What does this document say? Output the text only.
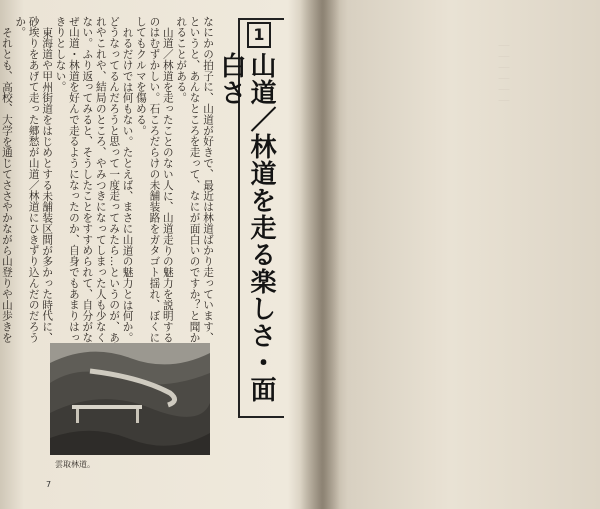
なにかの拍子に、山道が好きで、最近は林道ばかり走っています、というと、あんなところを走って、なにが面白いのですか？と聞かれることがある。

山道／林道を走ったことのない人に、山道走りの魅力を説明するのはむずかしい。石ころだらけの未舗装路をガタゴト揺れ、ぼくにしてもクルマを傷める。

れるだけでは何もない。たとえば、まさに山道の魅力とは何か。どうなってるんだろうと思って一度走ってみたら…というのが、あれやこれや、結局のところ、やみつきになってしまった人も少なくない。ふり返ってみると、そうしたことをすすめられて、自分がなぜ山道・林道を好んで走るようになったのか、自身でもあまりはっきりとしない。

東海道や甲州街道をはじめとする未舗装区間が多かった時代に、砂埃りをあげて走った郷愁が山道／林道にひきずり込んだのだろうか。

それとも、高校、大学を通じてささやかながら山登りや山歩きを

1
山道／林道を走る楽しさ・面白さ

雲取林道。

7

｜｜｜｜｜｜
